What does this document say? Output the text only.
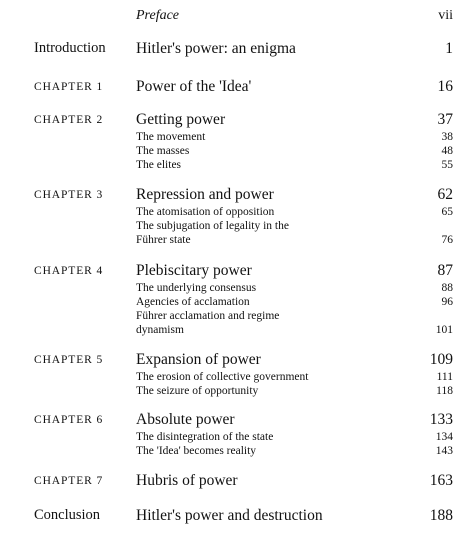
Preface	vii
Introduction	Hitler's power: an enigma	1
CHAPTER 1	Power of the 'Idea'	16
CHAPTER 2	Getting power	37
The movement	38
The masses	48
The elites	55
CHAPTER 3	Repression and power	62
The atomisation of opposition	65
The subjugation of legality in the
Führer state	76
CHAPTER 4	Plebiscitary power	87
The underlying consensus	88
Agencies of acclamation	96
Führer acclamation and regime
dynamism	101
CHAPTER 5	Expansion of power	109
The erosion of collective government	111
The seizure of opportunity	118
CHAPTER 6	Absolute power	133
The disintegration of the state	134
The 'Idea' becomes reality	143
CHAPTER 7	Hubris of power	163
Conclusion	Hitler's power and destruction	188
